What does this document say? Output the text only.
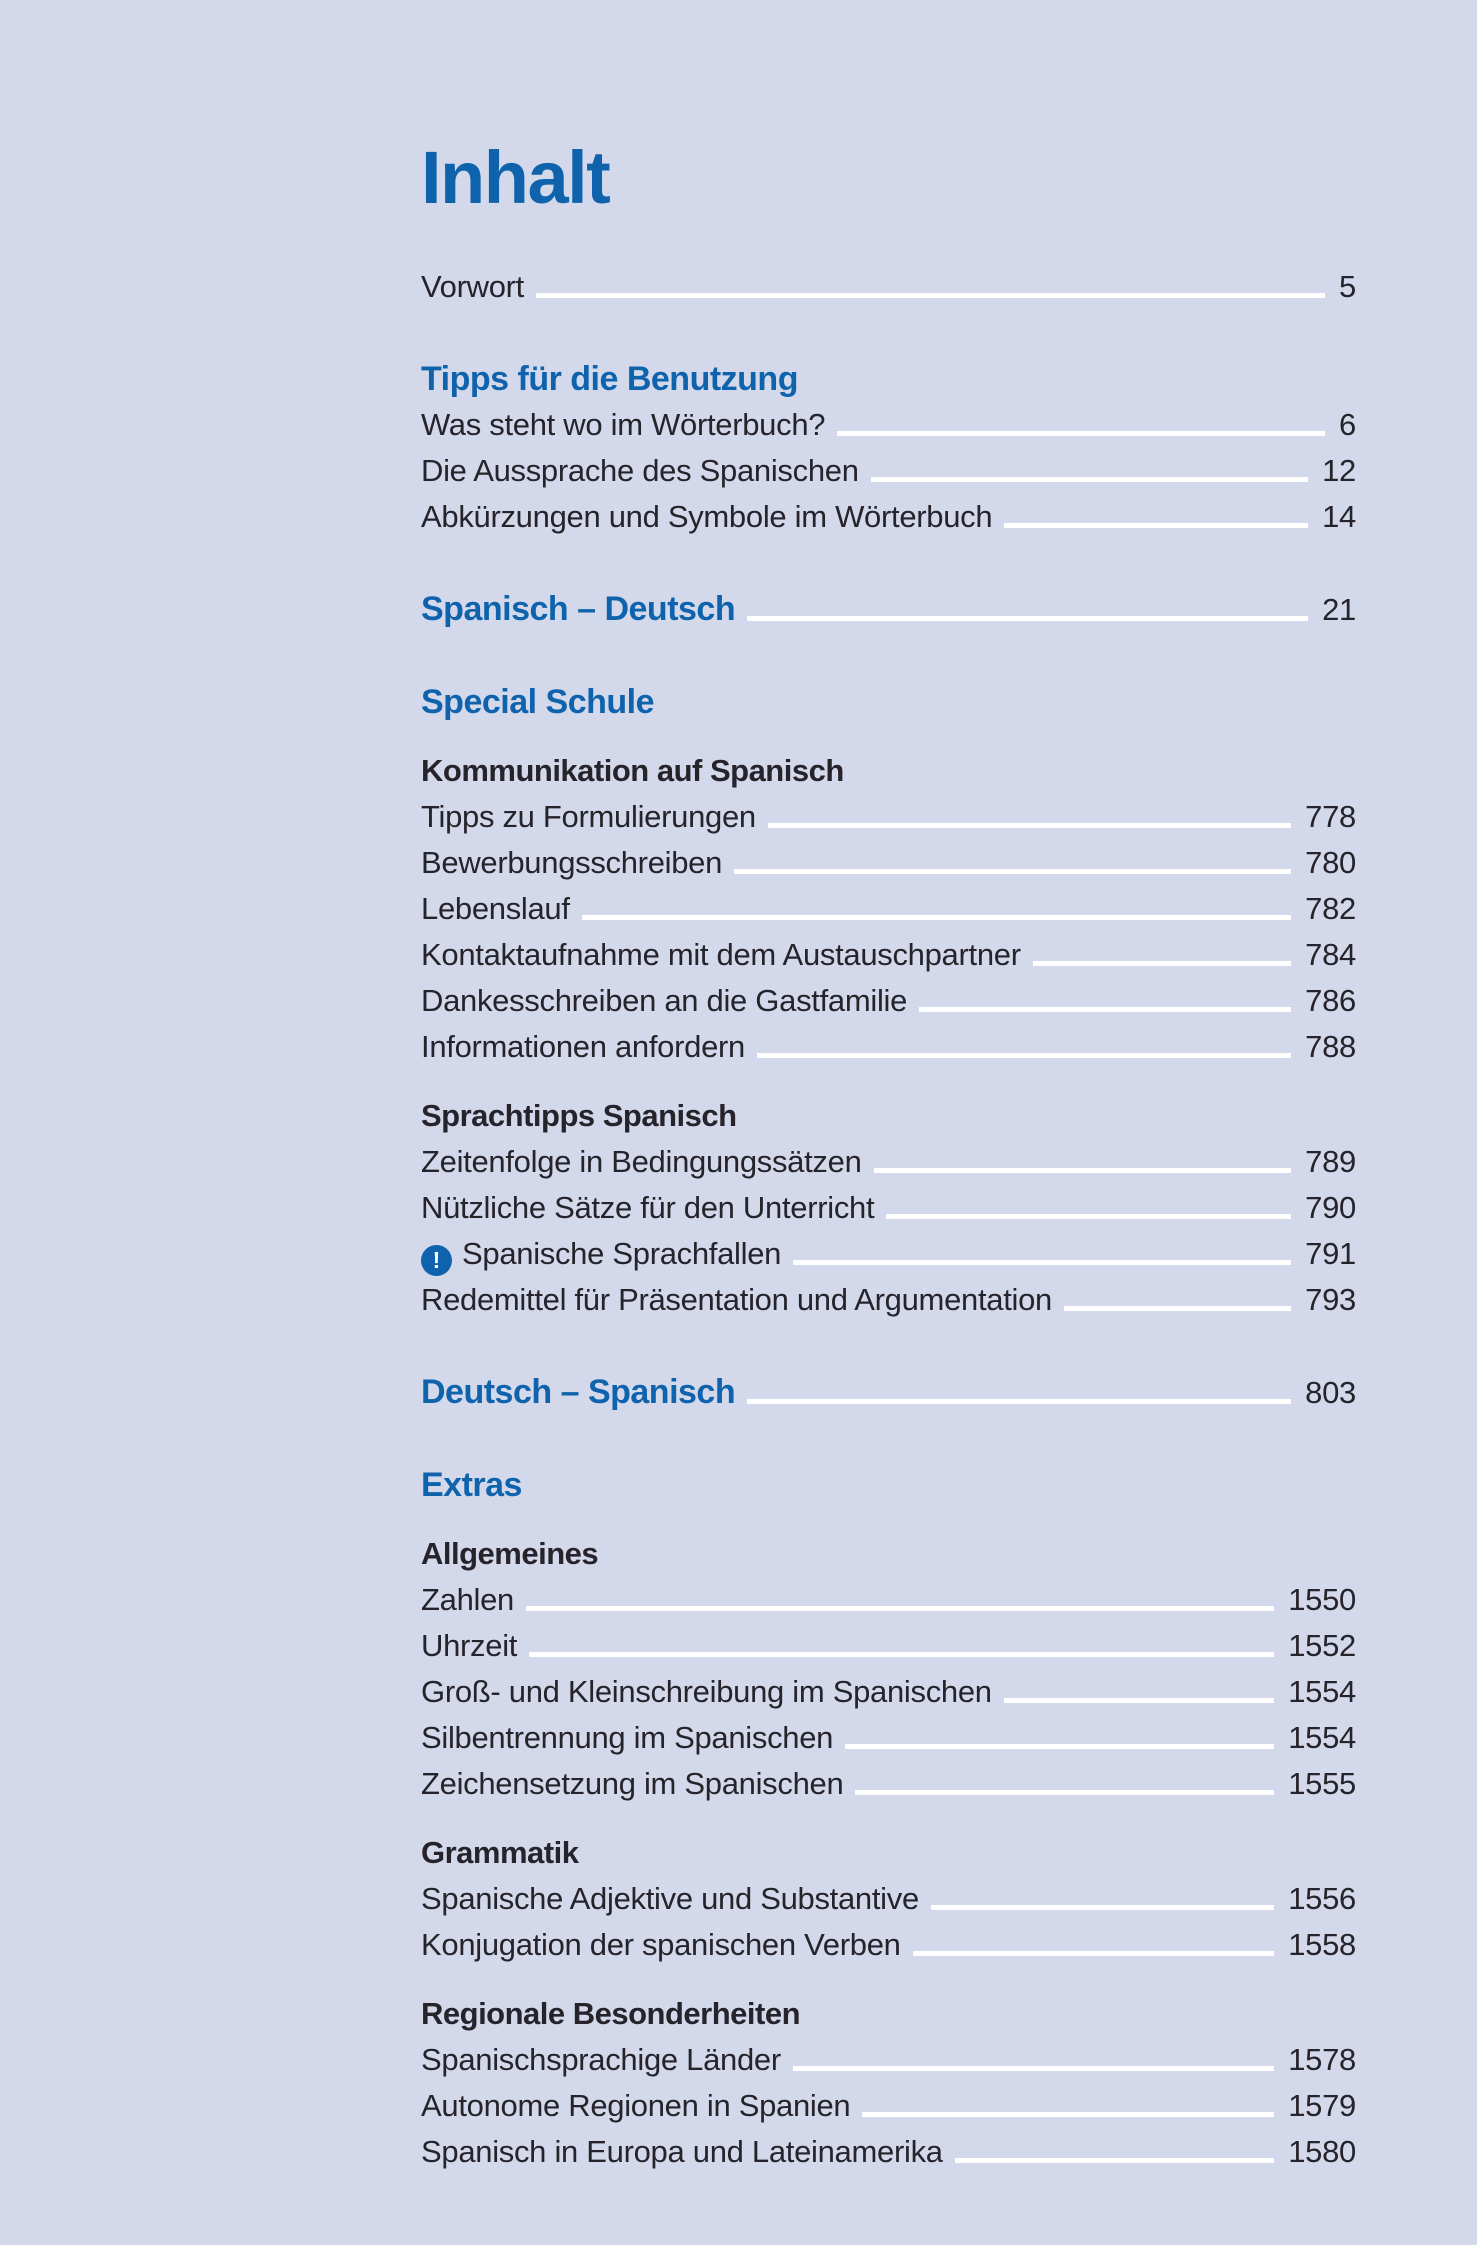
Inhalt
Vorwort	5
Tipps für die Benutzung
Was steht wo im Wörterbuch?	6
Die Aussprache des Spanischen	12
Abkürzungen und Symbole im Wörterbuch	14
Spanisch – Deutsch	21
Special Schule
Kommunikation auf Spanisch
Tipps zu Formulierungen	778
Bewerbungsschreiben	780
Lebenslauf	782
Kontaktaufnahme mit dem Austauschpartner	784
Dankesschreiben an die Gastfamilie	786
Informationen anfordern	788
Sprachtipps Spanisch
Zeitenfolge in Bedingungssätzen	789
Nützliche Sätze für den Unterricht	790
! Spanische Sprachfallen	791
Redemittel für Präsentation und Argumentation	793
Deutsch – Spanisch	803
Extras
Allgemeines
Zahlen	1550
Uhrzeit	1552
Groß- und Kleinschreibung im Spanischen	1554
Silbentrennung im Spanischen	1554
Zeichensetzung im Spanischen	1555
Grammatik
Spanische Adjektive und Substantive	1556
Konjugation der spanischen Verben	1558
Regionale Besonderheiten
Spanischsprachige Länder	1578
Autonome Regionen in Spanien	1579
Spanisch in Europa und Lateinamerika	1580
